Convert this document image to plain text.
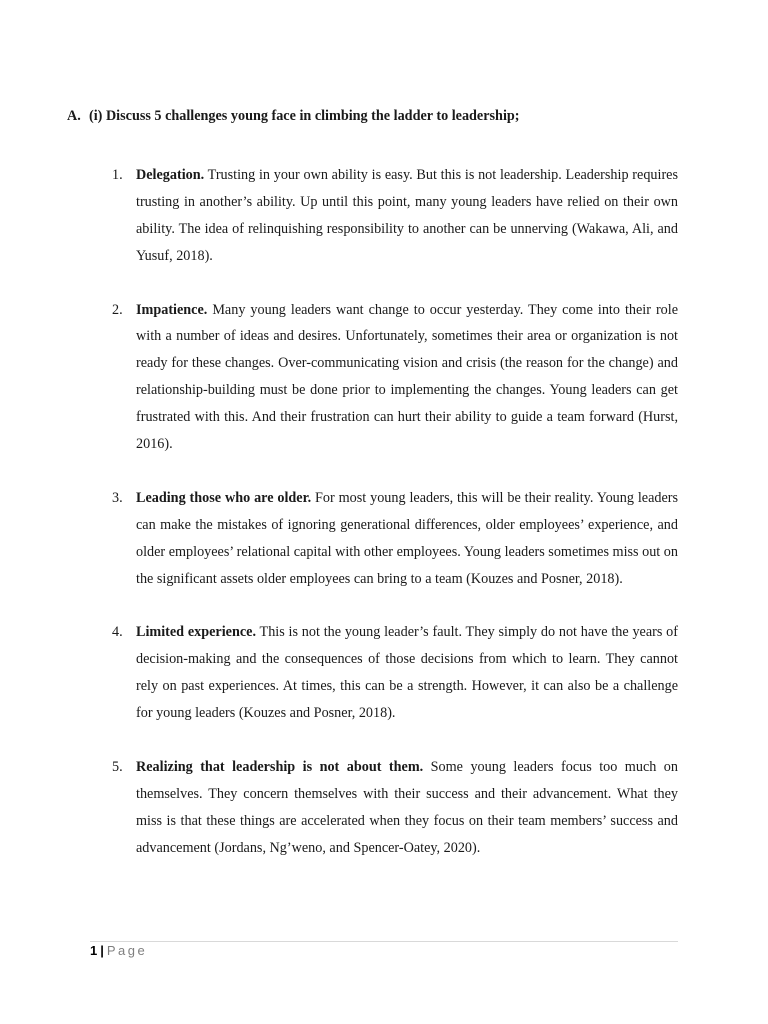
A. (i) Discuss 5 challenges young face in climbing the ladder to leadership;
1. Delegation. Trusting in your own ability is easy. But this is not leadership. Leadership requires trusting in another’s ability. Up until this point, many young leaders have relied on their own ability. The idea of relinquishing responsibility to another can be unnerving (Wakawa, Ali, and Yusuf, 2018).
2. Impatience. Many young leaders want change to occur yesterday. They come into their role with a number of ideas and desires. Unfortunately, sometimes their area or organization is not ready for these changes. Over-communicating vision and crisis (the reason for the change) and relationship-building must be done prior to implementing the changes. Young leaders can get frustrated with this. And their frustration can hurt their ability to guide a team forward (Hurst, 2016).
3. Leading those who are older. For most young leaders, this will be their reality. Young leaders can make the mistakes of ignoring generational differences, older employees’ experience, and older employees’ relational capital with other employees. Young leaders sometimes miss out on the significant assets older employees can bring to a team (Kouzes and Posner, 2018).
4. Limited experience. This is not the young leader’s fault. They simply do not have the years of decision-making and the consequences of those decisions from which to learn. They cannot rely on past experiences. At times, this can be a strength. However, it can also be a challenge for young leaders (Kouzes and Posner, 2018).
5. Realizing that leadership is not about them. Some young leaders focus too much on themselves. They concern themselves with their success and their advancement. What they miss is that these things are accelerated when they focus on their team members’ success and advancement (Jordans, Ng’weno, and Spencer-Oatey, 2020).
1 | Page
